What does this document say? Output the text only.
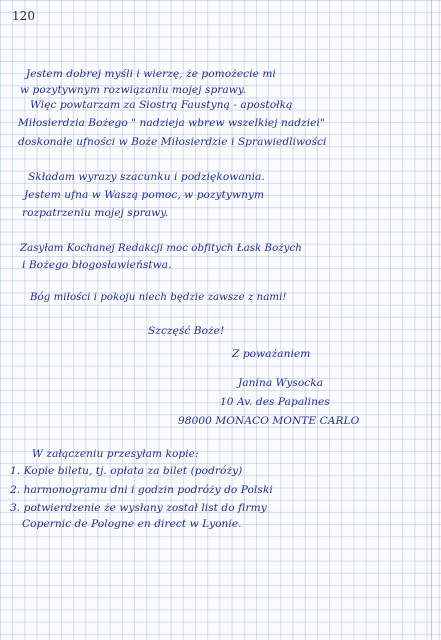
120
Jestem dobrej myśli i wierzę, że pomożecie mi
w pozytywnym rozwiązaniu mojej sprawy.
Więc powtarzam za Siostrą Faustyną - apostołką
Miłosierdzia Bożego " nadzieja wbrew wszelkiej nadziei"
doskonałe ufności w Boże Miłosierdzie i Sprawiedliwości
Składam wyrazy szacunku i podziękowania.
Jestem ufna w Waszą pomoc, w pozytywnym
rozpatrzeniu mojej sprawy.
Zasyłam Kochanej Redakcji moc obfitych Łask Bożych
i Bożego błogosławieństwa.
Bóg miłości i pokoju niech będzie zawsze z nami!
Szczęść Boże!
Z poważaniem
Janina Wysocka
10 Av. des Papalines
98000 MONACO MONTE CARLO
W załączeniu przesyłam kopie:
1. Kopie biletu, tj. opłata za bilet (podróży)
2. harmonogramu dni i godzin podróży do Polski
3. potwierdzenie że wysłany został list do firmy
Copernic de Pologne en direct w Lyonie.
